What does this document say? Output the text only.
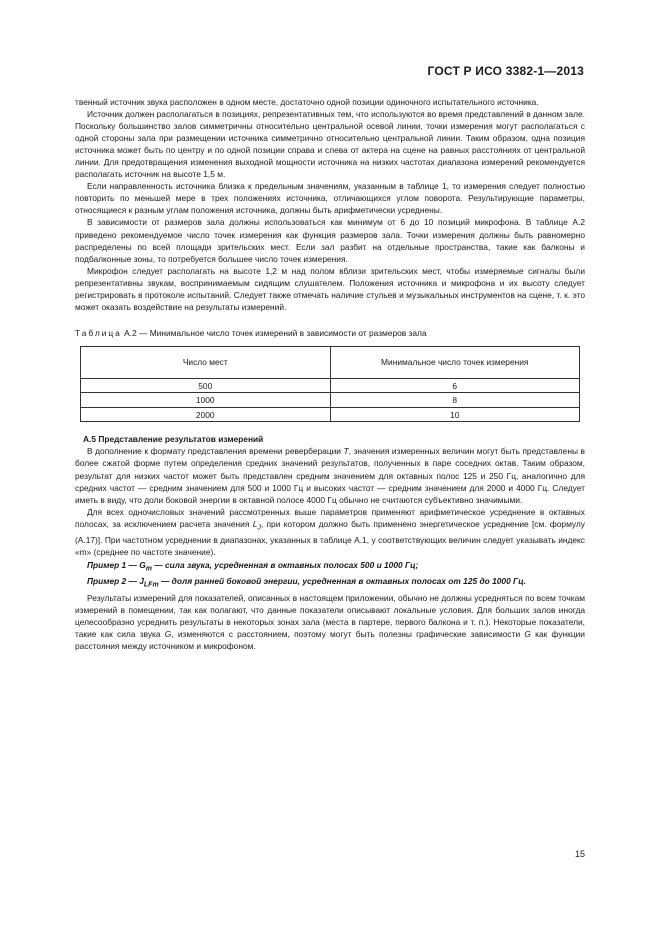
ГОСТ Р ИСО 3382-1—2013

твенный источник звука расположен в одном месте, достаточно одной позиции одиночного испытательного источника.

Источник должен располагаться в позициях, репрезентативных тем, что используются во время представлений в данном зале. Поскольку большинство залов симметричны относительно центральной осевой линии, точки измерения могут располагаться с одной стороны зала при размещении источника симметрично относительно центральной линии. Таким образом, одна позиция источника может быть по центру и по одной позиции справа и слева от актера на сцене на равных расстояниях от центральной линии. Для предотвращения изменения выходной мощности источника на низких частотах диапазона измерений рекомендуется располагать источник на высоте 1,5 м.

Если направленность источника близка к предельным значениям, указанным в таблице 1, то измерения следует полностью повторить по меньшей мере в трех положениях источника, отличающихся углом поворота. Результирующие параметры, относящиеся к разным углам положения источника, должны быть арифметически усреднены.

В зависимости от размеров зала должны использоваться как минимум от 6 до 10 позиций микрофона. В таблице А.2 приведено рекомендуемое число точек измерения как функция размеров зала. Точки измерения должны быть равномерно распределены по всей площади зрительских мест. Если зал разбит на отдельные пространства, такие как балконы и подбалконные зоны, то потребуется большее число точек измерения.

Микрофон следует располагать на высоте 1,2 м над полом вблизи зрительских мест, чтобы измеряемые сигналы были репрезентативны звукам, воспринимаемым сидящим слушателем. Положения источника и микрофона и их высоту следует регистрировать в протоколе испытаний. Следует также отмечать наличие стульев и музыкальных инструментов на сцене, т. к. это может оказать воздействие на результаты измерений.

Таблица А.2 — Минимальное число точек измерений в зависимости от размеров зала
Число мест	Минимальное число точек измерения
500	6
1000	8
2000	10
А.5 Представление результатов измерений

В дополнение к формату представления времени реверберации T, значения измеренных величин могут быть представлены в более сжатой форме путем определения средних значений результатов, полученных в паре соседних октав. Таким образом, результат для низких частот может быть представлен средним значением для октавных полос 125 и 250 Гц, аналогично для средних частот — средним значением для 500 и 1000 Гц и высоких частот — средним значением для 2000 и 4000 Гц. Следует иметь в виду, что доли боковой энергии в октавной полосе 4000 Гц обычно не считаются субъективно значимыми.

Для всех одночисловых значений рассмотренных выше параметров применяют арифметическое усреднение в октавных полосах, за исключением расчета значения $L_J$, при котором должно быть применено энергетическое усреднение [см. формулу (А.17)]. При частотном усреднении в диапазонах, указанных в таблице А.1, у соответствующих величин следует указывать индекс «m» (среднее по частоте значение).

Пример 1 — $G_m$ — сила звука, усредненная в октавных полосах 500 и 1000 Гц;

Пример 2 — $J_{LFm}$ — доля ранней боковой энергии, усредненная в октавных полосах от 125 до 1000 Гц.

Результаты измерений для показателей, описанных в настоящем приложении, обычно не должны усредняться по всем точкам измерений в помещении, так как полагают, что данные показатели описывают локальные условия. Для больших залов иногда целесообразно усреднить результаты в некоторых зонах зала (места в партере, первого балкона и т. п.). Некоторые показатели, такие как сила звука G, изменяются с расстоянием, поэтому могут быть полезны графические зависимости G как функции расстояния между источником и микрофоном.

15
